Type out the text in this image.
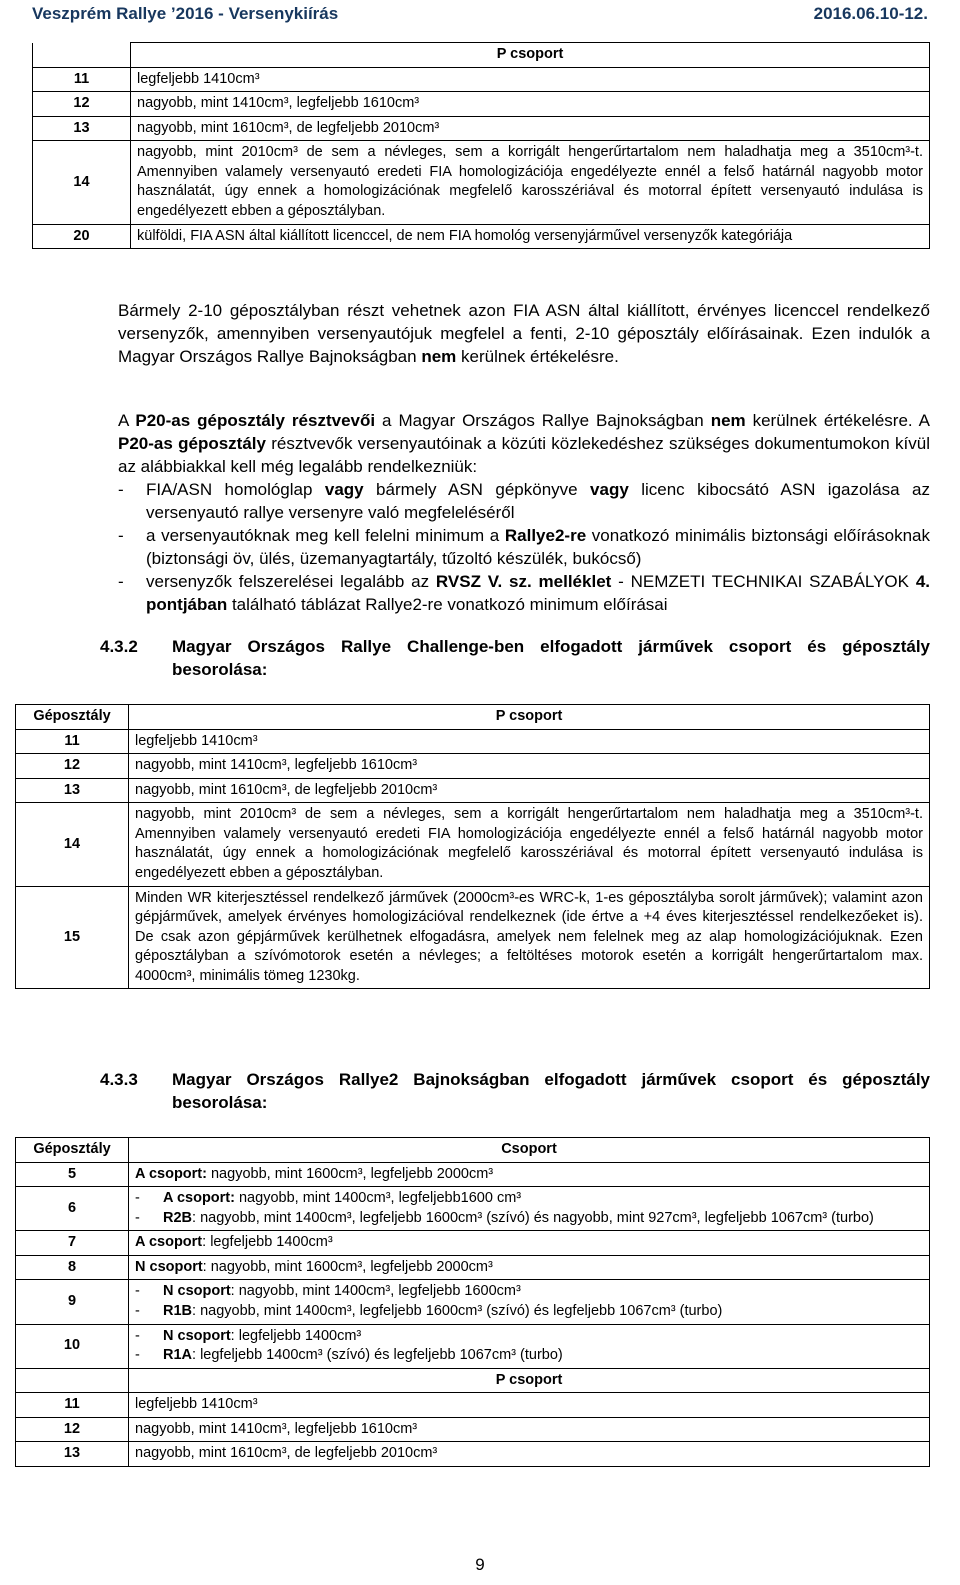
Veszprém Rallye ’2016 - Versenykiírás	2016.06.10-12.
	P csoport
11	legfeljebb 1410cm³
12	nagyobb, mint 1410cm³, legfeljebb 1610cm³
13	nagyobb, mint 1610cm³, de legfeljebb 2010cm³
14	nagyobb, mint 2010cm³ de sem a névleges, sem a korrigált hengerűrtartalom nem haladhatja meg a 3510cm³-t. Amennyiben valamely versenyautó eredeti FIA homologizációja engedélyezte ennél a felső határnál nagyobb motor használatát, úgy ennek a homologizációnak megfelelő karosszériával és motorral épített versenyautó indulása is engedélyezett ebben a géposztályban.
20	külföldi, FIA ASN által kiállított licenccel, de nem FIA homológ versenyjárművel versenyzők kategóriája

Bármely 2-10 géposztályban részt vehetnek azon FIA ASN által kiállított, érvényes licenccel rendelkező versenyzők, amennyiben versenyautójuk megfelel a fenti, 2-10 géposztály előírásainak. Ezen indulók a Magyar Országos Rallye Bajnokságban nem kerülnek értékelésre.

A P20-as géposztály résztvevői a Magyar Országos Rallye Bajnokságban nem kerülnek értékelésre. A P20-as géposztály résztvevők versenyautóinak a közúti közlekedéshez szükséges dokumentumokon kívül az alábbiakkal kell még legalább rendelkezniük:

-	FIA/ASN homológlap vagy bármely ASN gépkönyve vagy licenc kibocsátó ASN igazolása az versenyautó rallye versenyre való megfeleléséről
-	a versenyautóknak meg kell felelni minimum a Rallye2-re vonatkozó minimális biztonsági előírásoknak (biztonsági öv, ülés, üzemanyagtartály, tűzoltó készülék, bukócső)
-	versenyzők felszerelései legalább az RVSZ V. sz. melléklet - NEMZETI TECHNIKAI SZABÁLYOK 4. pontjában található táblázat Rallye2-re vonatkozó minimum előírásai
4.3.2	Magyar Országos Rallye Challenge-ben elfogadott járművek csoport és géposztály besorolása:
Géposztály	P csoport
11	legfeljebb 1410cm³
12	nagyobb, mint 1410cm³, legfeljebb 1610cm³
13	nagyobb, mint 1610cm³, de legfeljebb 2010cm³
14	nagyobb, mint 2010cm³ de sem a névleges, sem a korrigált hengerűrtartalom nem haladhatja meg a 3510cm³-t. Amennyiben valamely versenyautó eredeti FIA homologizációja engedélyezte ennél a felső határnál nagyobb motor használatát, úgy ennek a homologizációnak megfelelő karosszériával és motorral épített versenyautó indulása is engedélyezett ebben a géposztályban.
15	Minden WR kiterjesztéssel rendelkező járművek (2000cm³-es WRC-k, 1-es géposztályba sorolt járművek); valamint azon gépjárművek, amelyek érvényes homologizációval rendelkeznek (ide értve a +4 éves kiterjesztéssel rendelkezőeket is). De csak azon gépjárművek kerülhetnek elfogadásra, amelyek nem felelnek meg az alap homologizációjuknak. Ezen géposztályban a szívómotorok esetén a névleges; a feltöltéses motorok esetén a korrigált hengerűrtartalom max. 4000cm³, minimális tömeg 1230kg.
4.3.3	Magyar Országos Rallye2 Bajnokságban elfogadott járművek csoport és géposztály besorolása:
Géposztály	Csoport
5	A csoport: nagyobb, mint 1600cm³, legfeljebb 2000cm³
6	- A csoport: nagyobb, mint 1400cm³, legfeljebb1600 cm³
- R2B: nagyobb, mint 1400cm³, legfeljebb 1600cm³ (szívó) és nagyobb, mint 927cm³, legfeljebb 1067cm³ (turbo)

7	A csoport: legfeljebb 1400cm³
8	N csoport: nagyobb, mint 1600cm³, legfeljebb 2000cm³
9	- N csoport: nagyobb, mint 1400cm³, legfeljebb 1600cm³
- R1B: nagyobb, mint 1400cm³, legfeljebb 1600cm³ (szívó) és legfeljebb 1067cm³ (turbo)

10	- N csoport: legfeljebb 1400cm³
- R1A: legfeljebb 1400cm³ (szívó) és legfeljebb 1067cm³ (turbo)

	P csoport
11	legfeljebb 1410cm³
12	nagyobb, mint 1410cm³, legfeljebb 1610cm³
13	nagyobb, mint 1610cm³, de legfeljebb 2010cm³
9
